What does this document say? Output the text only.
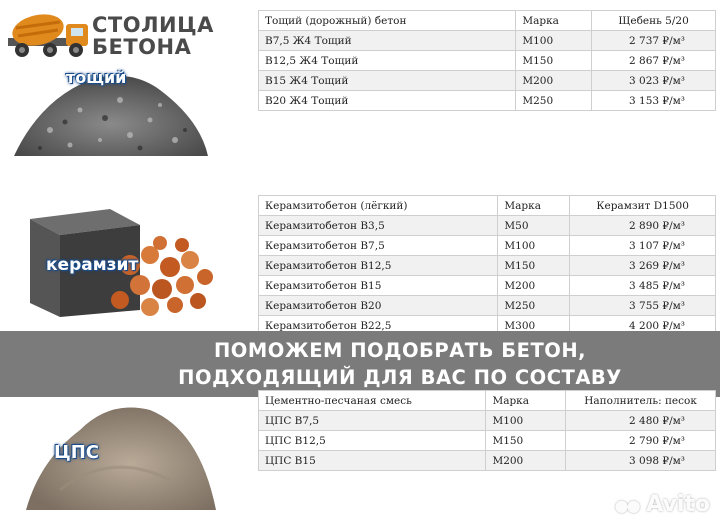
СТОЛИЦА
БЕТОНА
тощий
керамзит
ЦПС
Тощий (дорожный) бетон	Марка	Щебень 5/20
В7,5 Ж4 Тощий	М100	2 737 ₽/м³
В12,5 Ж4 Тощий	М150	2 867 ₽/м³
В15 Ж4 Тощий	М200	3 023 ₽/м³
В20 Ж4 Тощий	М250	3 153 ₽/м³
Керамзитобетон (лёгкий)	Марка	Керамзит D1500
Керамзитобетон В3,5	М50	2 890 ₽/м³
Керамзитобетон В7,5	М100	3 107 ₽/м³
Керамзитобетон В12,5	М150	3 269 ₽/м³
Керамзитобетон В15	М200	3 485 ₽/м³
Керамзитобетон В20	М250	3 755 ₽/м³
Керамзитобетон В22,5	М300	4 200 ₽/м³
ПОМОЖЕМ ПОДОБРАТЬ БЕТОН,
ПОДХОДЯЩИЙ ДЛЯ ВАС ПО СОСТАВУ
Цементно-песчаная смесь	Марка	Наполнитель: песок
ЦПС В7,5	М100	2 480 ₽/м³
ЦПС В12,5	М150	2 790 ₽/м³
ЦПС В15	М200	3 098 ₽/м³
●● Avito
